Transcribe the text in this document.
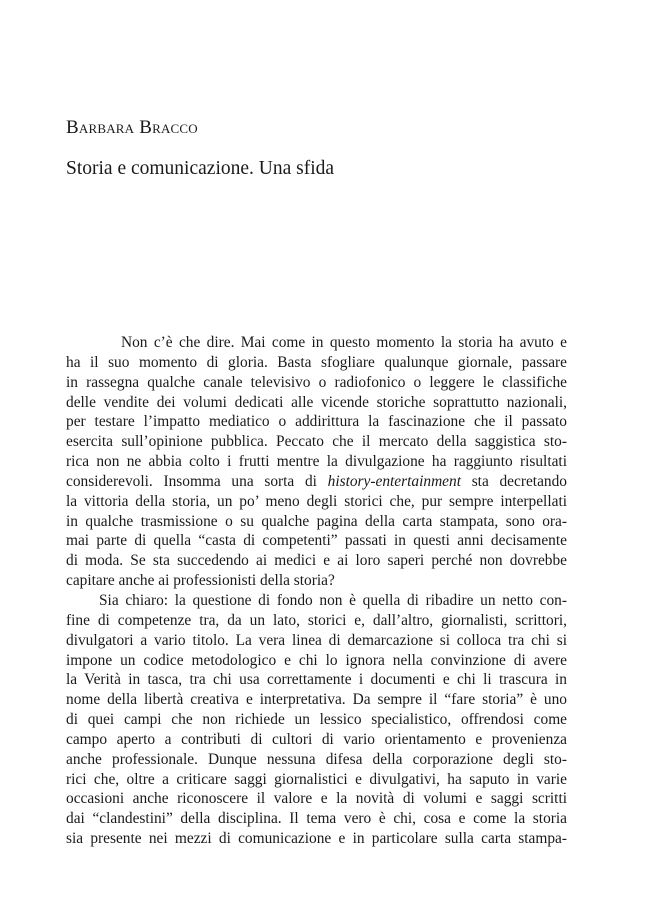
Barbara Bracco
Storia e comunicazione. Una sfida
Non c’è che dire. Mai come in questo momento la storia ha avuto e
ha il suo momento di gloria. Basta sfogliare qualunque giornale, passare
in rassegna qualche canale televisivo o radiofonico o leggere le classifiche
delle vendite dei volumi dedicati alle vicende storiche soprattutto nazionali,
per testare l’impatto mediatico o addirittura la fascinazione che il passato
esercita sull’opinione pubblica. Peccato che il mercato della saggistica sto-
rica non ne abbia colto i frutti mentre la divulgazione ha raggiunto risultati
considerevoli. Insomma una sorta di history-entertainment sta decretando
la vittoria della storia, un po’ meno degli storici che, pur sempre interpellati
in qualche trasmissione o su qualche pagina della carta stampata, sono ora-
mai parte di quella “casta di competenti” passati in questi anni decisamente
di moda. Se sta succedendo ai medici e ai loro saperi perché non dovrebbe
capitare anche ai professionisti della storia?
Sia chiaro: la questione di fondo non è quella di ribadire un netto con-
fine di competenze tra, da un lato, storici e, dall’altro, giornalisti, scrittori,
divulgatori a vario titolo. La vera linea di demarcazione si colloca tra chi si
impone un codice metodologico e chi lo ignora nella convinzione di avere
la Verità in tasca, tra chi usa correttamente i documenti e chi li trascura in
nome della libertà creativa e interpretativa. Da sempre il “fare storia” è uno
di quei campi che non richiede un lessico specialistico, offrendosi come
campo aperto a contributi di cultori di vario orientamento e provenienza
anche professionale. Dunque nessuna difesa della corporazione degli sto-
rici che, oltre a criticare saggi giornalistici e divulgativi, ha saputo in varie
occasioni anche riconoscere il valore e la novità di volumi e saggi scritti
dai “clandestini” della disciplina. Il tema vero è chi, cosa e come la storia
sia presente nei mezzi di comunicazione e in particolare sulla carta stampa-
